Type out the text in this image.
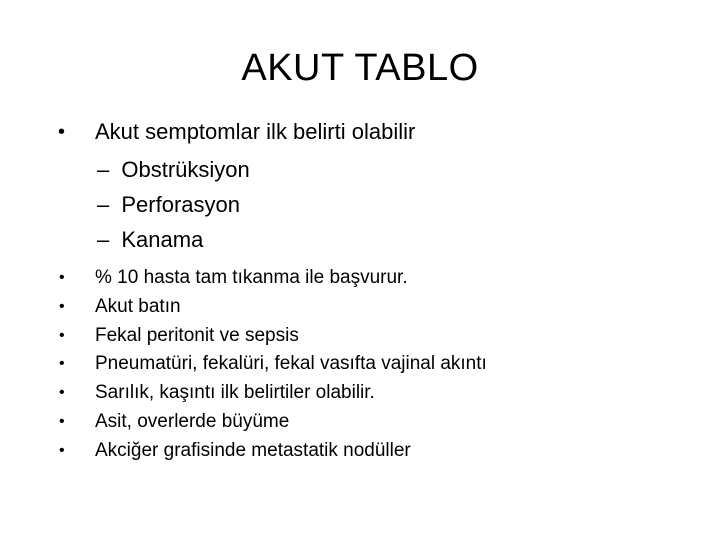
AKUT TABLO
• Akut semptomlar ilk belirti olabilir
– Obstrüksiyon
– Perforasyon
– Kanama
• % 10 hasta tam tıkanma ile başvurur.
• Akut batın
• Fekal peritonit ve sepsis
• Pneumatüri, fekalüri, fekal vasıfta vajinal akıntı
• Sarılık, kaşıntı ilk belirtiler olabilir.
• Asit, overlerde büyüme
• Akciğer grafisinde metastatik nodüller
